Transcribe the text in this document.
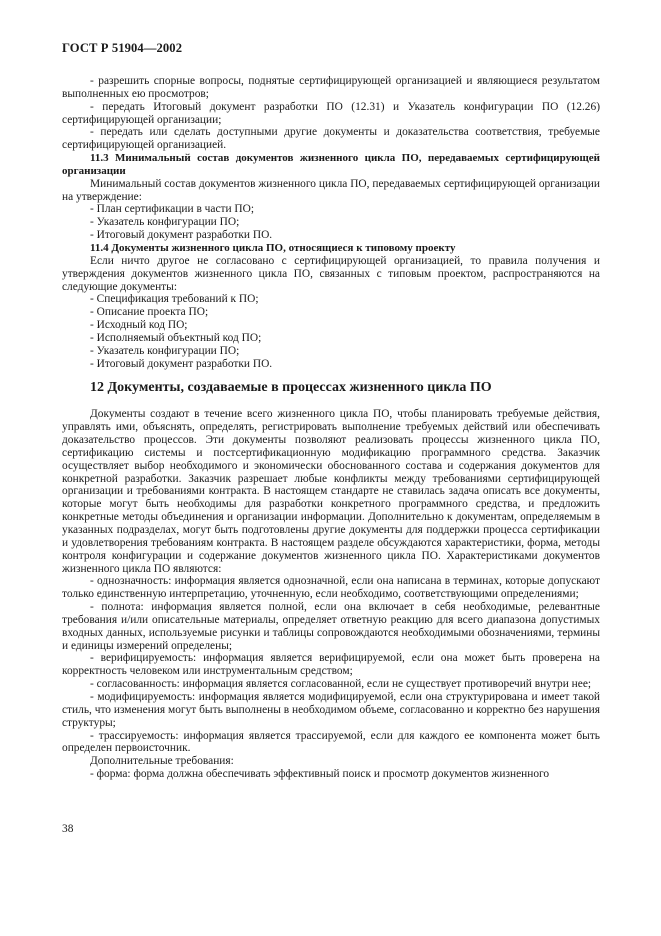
ГОСТ Р 51904—2002

- разрешить спорные вопросы, поднятые сертифицирующей организацией и являющиеся результатом выполненных ею просмотров;

- передать Итоговый документ разработки ПО (12.31) и Указатель конфигурации ПО (12.26) сертифицирующей организации;

- передать или сделать доступными другие документы и доказательства соответствия, требуемые сертифицирующей организацией.

11.3 Минимальный состав документов жизненного цикла ПО, передаваемых сертифицирующей организации

Минимальный состав документов жизненного цикла ПО, передаваемых сертифицирующей организации на утверждение:

- План сертификации в части ПО;

- Указатель конфигурации ПО;

- Итоговый документ разработки ПО.

11.4 Документы жизненного цикла ПО, относящиеся к типовому проекту

Если ничто другое не согласовано с сертифицирующей организацией, то правила получения и утверждения документов жизненного цикла ПО, связанных с типовым проектом, распространяются на следующие документы:

- Спецификация требований к ПО;

- Описание проекта ПО;

- Исходный код ПО;

- Исполняемый объектный код ПО;

- Указатель конфигурации ПО;

- Итоговый документ разработки ПО.

12 Документы, создаваемые в процессах жизненного цикла ПО

Документы создают в течение всего жизненного цикла ПО, чтобы планировать требуемые действия, управлять ими, объяснять, определять, регистрировать выполнение требуемых действий или обеспечивать доказательство процессов. Эти документы позволяют реализовать процессы жизненного цикла ПО, сертификацию системы и постсертификационную модификацию программного средства. Заказчик осуществляет выбор необходимого и экономически обоснованного состава и содержания документов для конкретной разработки. Заказчик разрешает любые конфликты между требованиями сертифицирующей организации и требованиями контракта. В настоящем стандарте не ставилась задача описать все документы, которые могут быть необходимы для разработки конкретного программного средства, и предложить конкретные методы объединения и организации информации. Дополнительно к документам, определяемым в указанных подразделах, могут быть подготовлены другие документы для поддержки процесса сертификации и удовлетворения требованиям контракта. В настоящем разделе обсуждаются характеристики, форма, методы контроля конфигурации и содержание документов жизненного цикла ПО. Характеристиками документов жизненного цикла ПО являются:

- однозначность: информация является однозначной, если она написана в терминах, которые допускают только единственную интерпретацию, уточненную, если необходимо, соответствующими определениями;

- полнота: информация является полной, если она включает в себя необходимые, релевантные требования и/или описательные материалы, определяет ответную реакцию для всего диапазона допустимых входных данных, используемые рисунки и таблицы сопровождаются необходимыми обозначениями, термины и единицы измерений определены;

- верифицируемость: информация является верифицируемой, если она может быть проверена на корректность человеком или инструментальным средством;

- согласованность: информация является согласованной, если не существует противоречий внутри нее;

- модифицируемость: информация является модифицируемой, если она структурирована и имеет такой стиль, что изменения могут быть выполнены в необходимом объеме, согласованно и корректно без нарушения структуры;

- трассируемость: информация является трассируемой, если для каждого ее компонента может быть определен первоисточник.

Дополнительные требования:

- форма: форма должна обеспечивать эффективный поиск и просмотр документов жизненного

38
